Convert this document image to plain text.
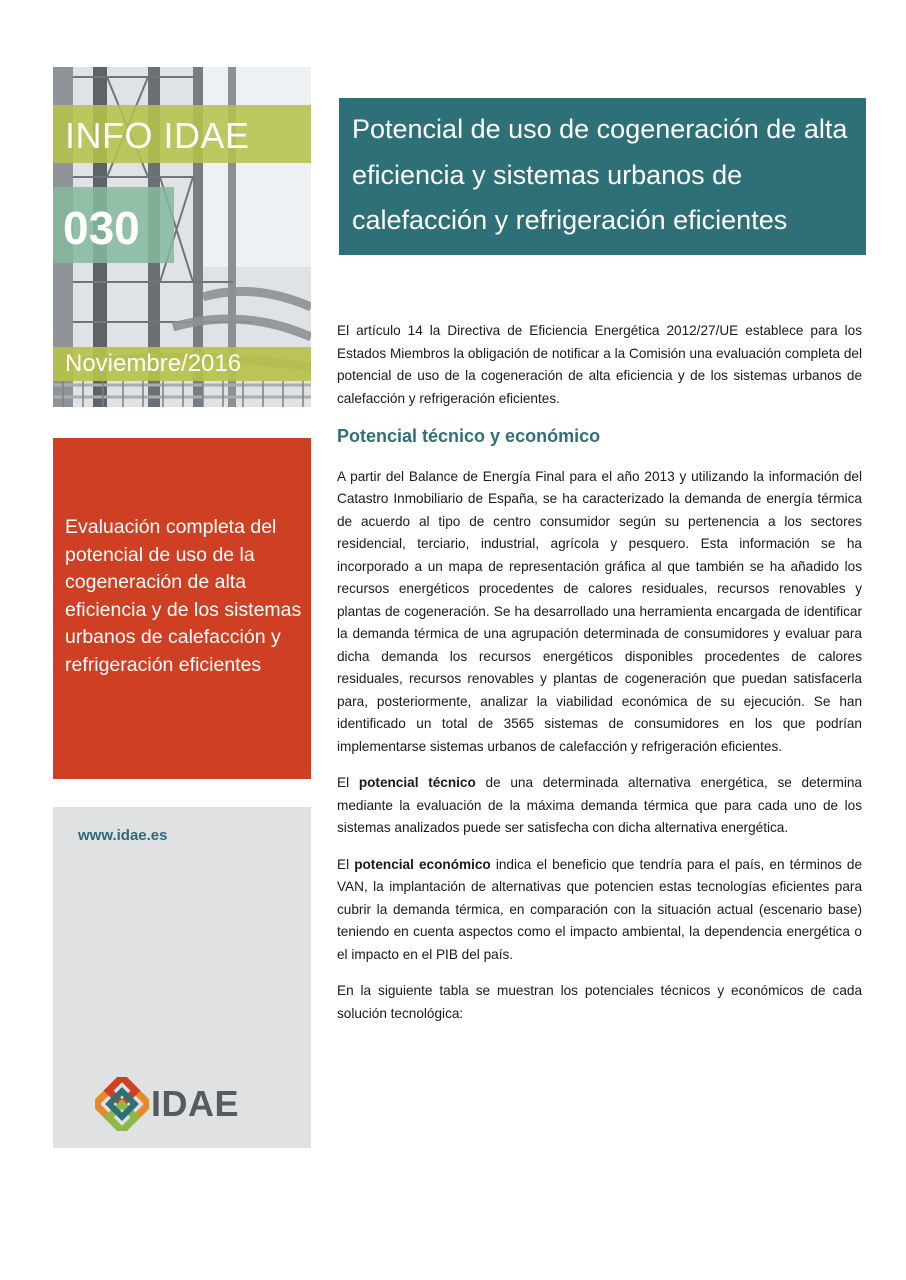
INFO IDAE
030
Noviembre/2016

Evaluación completa del potencial de uso de la cogeneración de alta eficiencia y de los sistemas urbanos de calefacción y refrigeración eficientes

www.idae.es
IDAE
Potencial de uso de cogeneración de alta eficiencia y sistemas urbanos de calefacción y refrigeración eficientes

El artículo 14 la Directiva de Eficiencia Energética 2012/27/UE establece para los Estados Miembros la obligación de notificar a la Comisión una evaluación completa del potencial de uso de la cogeneración de alta eficiencia y de los sistemas urbanos de calefacción y refrigeración eficientes.

Potencial técnico y económico

A partir del Balance de Energía Final para el año 2013 y utilizando la información del Catastro Inmobiliario de España, se ha caracterizado la demanda de energía térmica de acuerdo al tipo de centro consumidor según su pertenencia a los sectores residencial, terciario, industrial, agrícola y pesquero. Esta información se ha incorporado a un mapa de representación gráfica al que también se ha añadido los recursos energéticos procedentes de calores residuales, recursos renovables y plantas de cogeneración. Se ha desarrollado una herramienta encargada de identificar la demanda térmica de una agrupación determinada de consumidores y evaluar para dicha demanda los recursos energéticos disponibles procedentes de calores residuales, recursos renovables y plantas de cogeneración que puedan satisfacerla para, posteriormente, analizar la viabilidad económica de su ejecución. Se han identificado un total de 3565 sistemas de consumidores en los que podrían implementarse sistemas urbanos de calefacción y refrigeración eficientes.

El potencial técnico de una determinada alternativa energética, se determina mediante la evaluación de la máxima demanda térmica que para cada uno de los sistemas analizados puede ser satisfecha con dicha alternativa energética.

El potencial económico indica el beneficio que tendría para el país, en términos de VAN, la implantación de alternativas que potencien estas tecnologías eficientes para cubrir la demanda térmica, en comparación con la situación actual (escenario base) teniendo en cuenta aspectos como el impacto ambiental, la dependencia energética o el impacto en el PIB del país.

En la siguiente tabla se muestran los potenciales técnicos y económicos de cada solución tecnológica:
